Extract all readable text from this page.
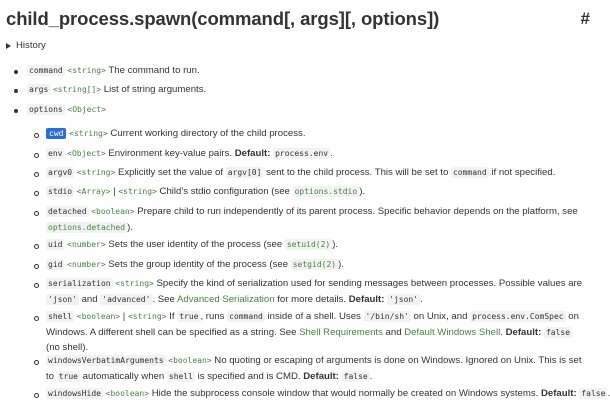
child_process.spawn(command[, args][, options])	#
History
command <string> The command to run.
args <string[]> List of string arguments.
options <Object>
cwd <string> Current working directory of the child process.
env <Object> Environment key-value pairs. Default: process.env .
argv0 <string> Explicitly set the value of argv[0] sent to the child process. This will be set to command if not specified.
stdio <Array> | <string> Child's stdio configuration (see options.stdio ).
detached <boolean> Prepare child to run independently of its parent process. Specific behavior depends on the platform, see options.detached ).
uid <number> Sets the user identity of the process (see setuid(2) ).
gid <number> Sets the group identity of the process (see setgid(2) ).
serialization <string> Specify the kind of serialization used for sending messages between processes. Possible values are 'json' and 'advanced' . See Advanced Serialization for more details. Default: 'json' .
shell <boolean> | <string> If true , runs command inside of a shell. Uses '/bin/sh' on Unix, and process.env.ComSpec on Windows. A different shell can be specified as a string. See Shell Requirements and Default Windows Shell. Default: false (no shell).
windowsVerbatimArguments <boolean> No quoting or escaping of arguments is done on Windows. Ignored on Unix. This is set to true automatically when shell is specified and is CMD. Default: false .
windowsHide <boolean> Hide the subprocess console window that would normally be created on Windows systems. Default: false .
